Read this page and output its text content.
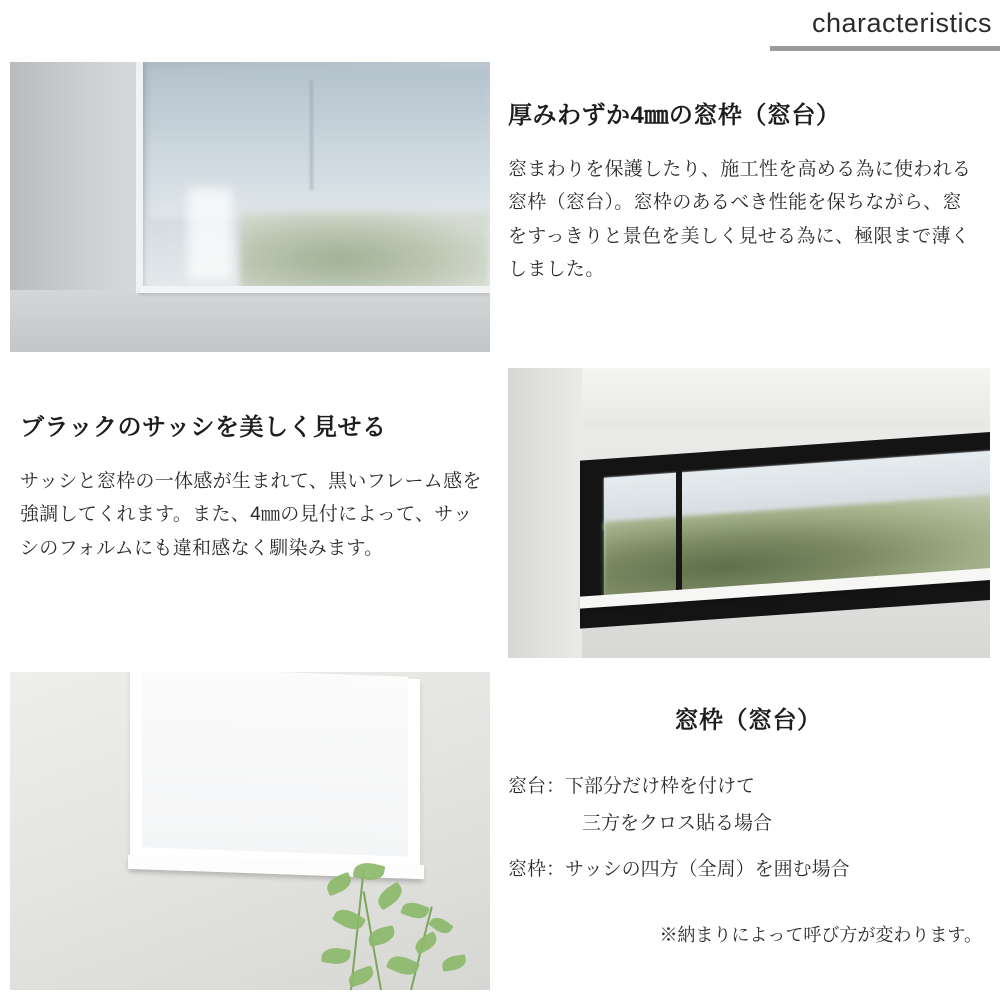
characteristics
厚みわずか4㎜の窓枠（窓台）
窓まわりを保護したり、施工性を高める為に使われる窓枠（窓台）。窓枠のあるべき性能を保ちながら、窓をすっきりと景色を美しく見せる為に、極限まで薄くしました。
ブラックのサッシを美しく見せる
サッシと窓枠の一体感が生まれて、黒いフレーム感を強調してくれます。また、4㎜の見付によって、サッシのフォルムにも違和感なく馴染みます。
窓枠（窓台）
窓台：下部分だけ枠を付けて
三方をクロス貼る場合
窓枠：サッシの四方（全周）を囲む場合
※納まりによって呼び方が変わります。
